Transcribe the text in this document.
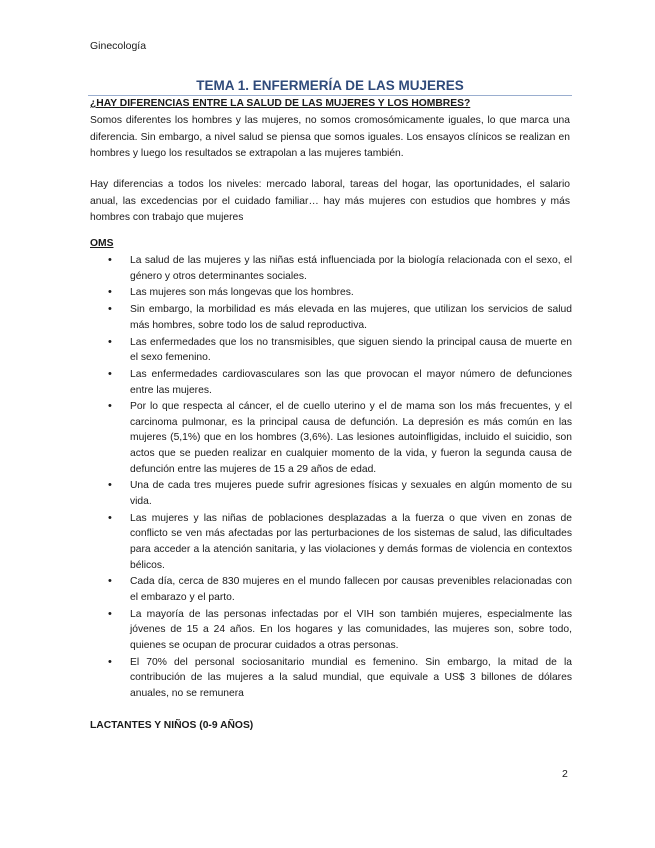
Ginecología
TEMA 1. ENFERMERÍA DE LAS MUJERES
¿HAY DIFERENCIAS ENTRE LA SALUD DE LAS MUJERES Y LOS HOMBRES?

Somos diferentes los hombres y las mujeres, no somos cromosómicamente iguales, lo que marca una diferencia. Sin embargo, a nivel salud se piensa que somos iguales. Los ensayos clínicos se realizan en hombres y luego los resultados se extrapolan a las mujeres también.

Hay diferencias a todos los niveles: mercado laboral, tareas del hogar, las oportunidades, el salario anual, las excedencias por el cuidado familiar… hay más mujeres con estudios que hombres y más hombres con trabajo que mujeres

OMS
• La salud de las mujeres y las niñas está influenciada por la biología relacionada con el sexo, el género y otros determinantes sociales.
• Las mujeres son más longevas que los hombres.
• Sin embargo, la morbilidad es más elevada en las mujeres, que utilizan los servicios de salud más hombres, sobre todo los de salud reproductiva.
• Las enfermedades que los no transmisibles, que siguen siendo la principal causa de muerte en el sexo femenino.
• Las enfermedades cardiovasculares son las que provocan el mayor número de defunciones entre las mujeres.
• Por lo que respecta al cáncer, el de cuello uterino y el de mama son los más frecuentes, y el carcinoma pulmonar, es la principal causa de defunción. La depresión es más común en las mujeres (5,1%) que en los hombres (3,6%). Las lesiones autoinfligidas, incluido el suicidio, son actos que se pueden realizar en cualquier momento de la vida, y fueron la segunda causa de defunción entre las mujeres de 15 a 29 años de edad.
• Una de cada tres mujeres puede sufrir agresiones físicas y sexuales en algún momento de su vida.
• Las mujeres y las niñas de poblaciones desplazadas a la fuerza o que viven en zonas de conflicto se ven más afectadas por las perturbaciones de los sistemas de salud, las dificultades para acceder a la atención sanitaria, y las violaciones y demás formas de violencia en contextos bélicos.
• Cada día, cerca de 830 mujeres en el mundo fallecen por causas prevenibles relacionadas con el embarazo y el parto.
• La mayoría de las personas infectadas por el VIH son también mujeres, especialmente las jóvenes de 15 a 24 años. En los hogares y las comunidades, las mujeres son, sobre todo, quienes se ocupan de procurar cuidados a otras personas.
• El 70% del personal sociosanitario mundial es femenino. Sin embargo, la mitad de la contribución de las mujeres a la salud mundial, que equivale a US$ 3 billones de dólares anuales, no se remunera
LACTANTES Y NIÑOS (0-9 AÑOS)
2
